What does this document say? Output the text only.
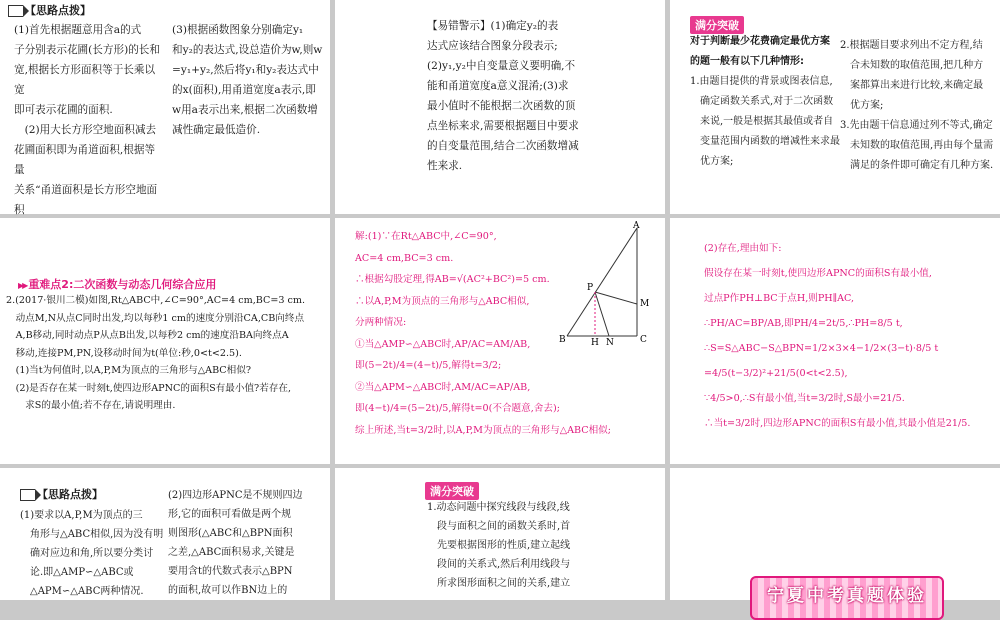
【思路点拨】
(1)首先根据题意用含a的式
子分别表示花圃(长方形)的长和
宽,根据长方形面积等于长乘以宽
即可表示花圃的面积.
　(2)用大长方形空地面积减去
花圃面积即为甬道面积,根据等量
关系“甬道面积是长方形空地面积
(3)根据函数图象分别确定y₁
和y₂的表达式,设总造价为w,则w
=y₁+y₂,然后将y₁和y₂表达式中
的x(面积),用甬道宽度a表示,即
w用a表示出来,根据二次函数增
减性确定最低造价.
【易错警示】(1)确定y₂的表
达式应该结合图象分段表示;
(2)y₁,y₂中自变量意义要明确,不
能和甬道宽度a意义混淆;(3)求
最小值时不能根据二次函数的顶
点坐标来求,需要根据题目中要求
的自变量范围,结合二次函数增减
性来求.
满分突破
对于判断最少花费确定最优方案
的题一般有以下几种情形:
1.由题目提供的背景或图表信息,
　确定函数关系式,对于二次函数
　来说,一般是根据其最值或者自
　变量范围内函数的增减性来求最
　优方案;
2.根据题目要求列出不定方程,结
　合未知数的取值范围,把几种方
　案都算出来进行比较,来确定最
　优方案;
3.先由题干信息通过列不等式,确定
　未知数的取值范围,再由每个量需
　满足的条件即可确定有几种方案.
▶▶ 重难点2:二次函数与动态几何综合应用
2.(2017·银川二模)如图,Rt△ABC中,∠C=90°,AC=4 cm,BC=3 cm.
　动点M,N从点C同时出发,均以每秒1 cm的速度分别沿CA,CB向终点
　A,B移动,同时动点P从点B出发,以每秒2 cm的速度沿BA向终点A
　移动,连接PM,PN,设移动时间为t(单位:秒,0<t<2.5).
　(1)当t为何值时,以A,P,M为顶点的三角形与△ABC相似?
　(2)是否存在某一时刻t,使四边形APNC的面积S有最小值?若存在,
　　求S的最小值;若不存在,请说明理由.
解:(1)∵在Rt△ABC中,∠C=90°,
AC=4 cm,BC=3 cm.
∴根据勾股定理,得AB=√(AC²+BC²)=5 cm.
∴以A,P,M为顶点的三角形与△ABC相似,
分两种情况:
①当△AMP∽△ABC时,AP/AC=AM/AB,
即(5−2t)/4=(4−t)/5,解得t=3/2;
②当△APM∽△ABC时,AM/AC=AP/AB,
即(4−t)/4=(5−2t)/5,解得t=0(不合题意,舍去);
综上所述,当t=3/2时,以A,P,M为顶点的三角形与△ABC相似;
B	C
A
P
M
N
H
(2)存在,理由如下:
假设存在某一时刻t,使四边形APNC的面积S有最小值,
过点P作PH⊥BC于点H,则PH∥AC,
∴PH/AC=BP/AB,即PH/4=2t/5,∴PH=8/5 t,
∴S=S△ABC−S△BPN=1/2×3×4−1/2×(3−t)·8/5 t
=4/5(t−3/2)²+21/5(0<t<2.5),
∵4/5>0,∴S有最小值,当t=3/2时,S最小=21/5.
∴当t=3/2时,四边形APNC的面积S有最小值,其最小值是21/5.
【思路点拨】
(1)要求以A,P,M为顶点的三
　角形与△ABC相似,因为没有明
　确对应边和角,所以要分类讨
　论.即△AMP∽△ABC或
　△APM∽△ABC两种情况.
(2)四边形APNC是不规则四边
形,它的面积可看做是两个规
则图形(△ABC和△BPN面积
之差,△ABC面积易求,关键是
要用含t的代数式表示△BPN
的面积,故可以作BN边上的
满分突破
1.动态问题中探究线段与线段,线
　段与面积之间的函数关系时,首
　先要根据图形的性质,建立起线
　段间的关系式,然后利用线段与
　所求图形面积之间的关系,建立
宁夏中考真题体验
